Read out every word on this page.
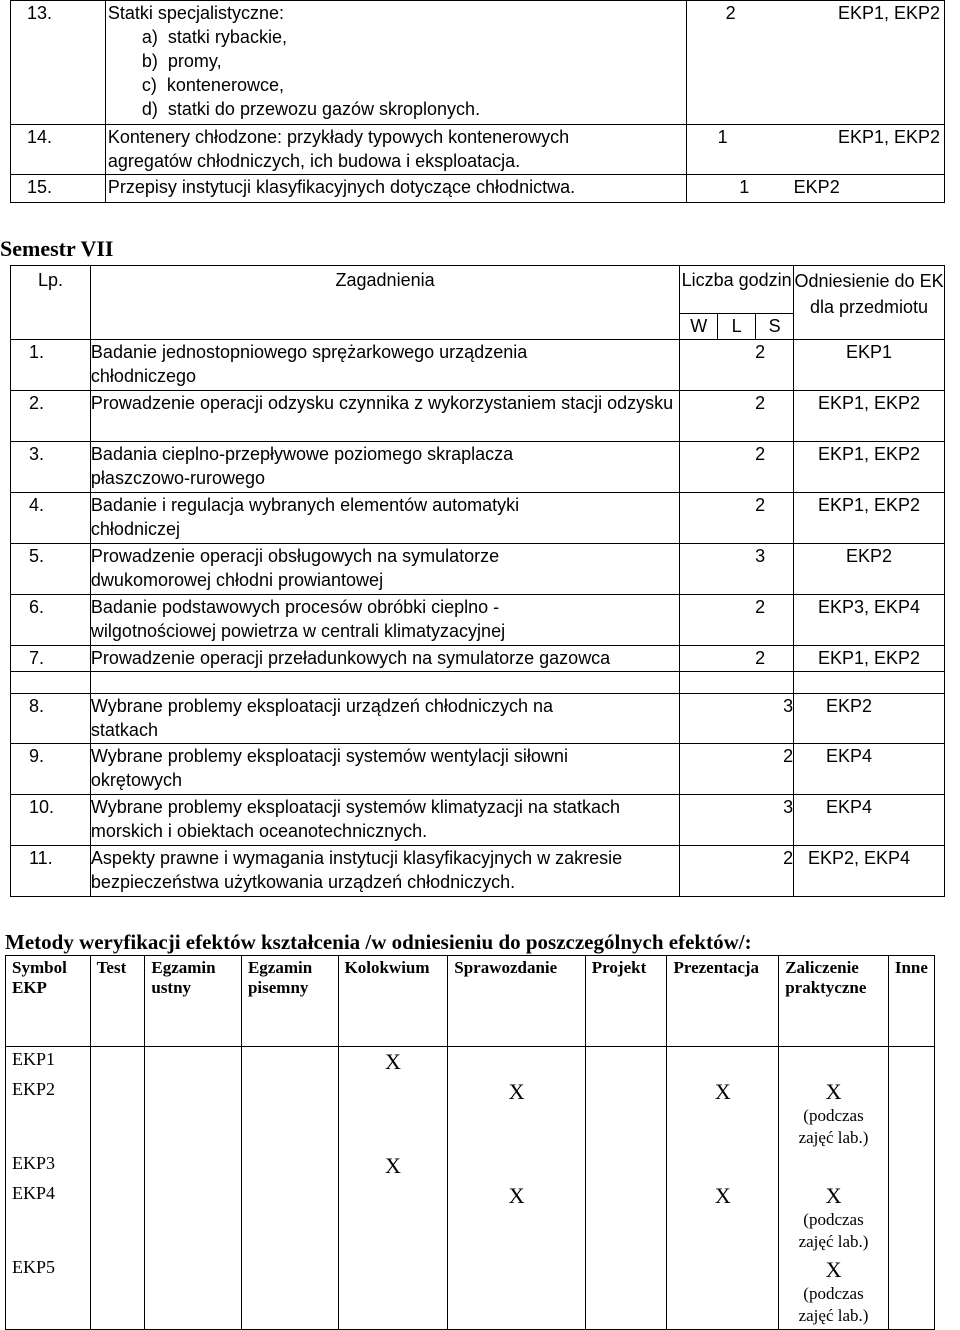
13.	Statki specjalistyczne:
a)  statki rybackie,
b)  promy,
c)  kontenerowce,
d)  statki do przewozu gazów skroplonych.	2	EKP1, EKP2
14.	Kontenery chłodzone: przykłady typowych kontenerowych
agregatów chłodniczych, ich budowa i eksploatacja.	1	EKP1, EKP2
15.	Przepisy instytucji klasyfikacyjnych dotyczące chłodnictwa.	1	EKP2
Semestr VII
Lp.	Zagadnienia	Liczba godzin			Odniesienie do EK dla przedmiotu
		W	L	S	
1.	Badanie jednostopniowego sprężarkowego urządzenia chłodniczego	2			EKP1
2.	Prowadzenie operacji odzysku czynnika z wykorzystaniem stacji odzysku	2			EKP1, EKP2
3.	Badania cieplno-przepływowe poziomego skraplacza płaszczowo-rurowego	2			EKP1, EKP2
4.	Badanie i regulacja wybranych elementów automatyki chłodniczej	2			EKP1, EKP2
5.	Prowadzenie operacji obsługowych na symulatorze dwukomorowej chłodni prowiantowej	3			EKP2
6.	Badanie podstawowych procesów obróbki cieplno - wilgotnościowej powietrza w centrali klimatyzacyjnej	2			EKP3, EKP4
7.	Prowadzenie operacji przeładunkowych na symulatorze gazowca	2			EKP1, EKP2

8.	Wybrane problemy eksploatacji urządzeń chłodniczych na statkach	3			EKP2
9.	Wybrane problemy eksploatacji systemów wentylacji siłowni okrętowych	2			EKP4
10.	Wybrane problemy eksploatacji systemów klimatyzacji na statkach morskich i obiektach oceanotechnicznych.	3			EKP4
11.	Aspekty prawne i wymagania instytucji klasyfikacyjnych w zakresie bezpieczeństwa użytkowania urządzeń chłodniczych.	2			EKP2, EKP4
Metody weryfikacji efektów kształcenia /w odniesieniu do poszczególnych efektów/:
Symbol EKP	Test	Egzamin ustny	Egzamin pisemny	Kolokwium	Sprawozdanie	Projekt	Prezentacja	Zaliczenie praktyczne	Inne
EKP1				X					
EKP2					X		X	X
(podczas zajęć lab.)	

EKP3				X					
EKP4					X		X	X
(podczas zajęć lab.)	

EKP5								X
(podczas zajęć lab.)	
